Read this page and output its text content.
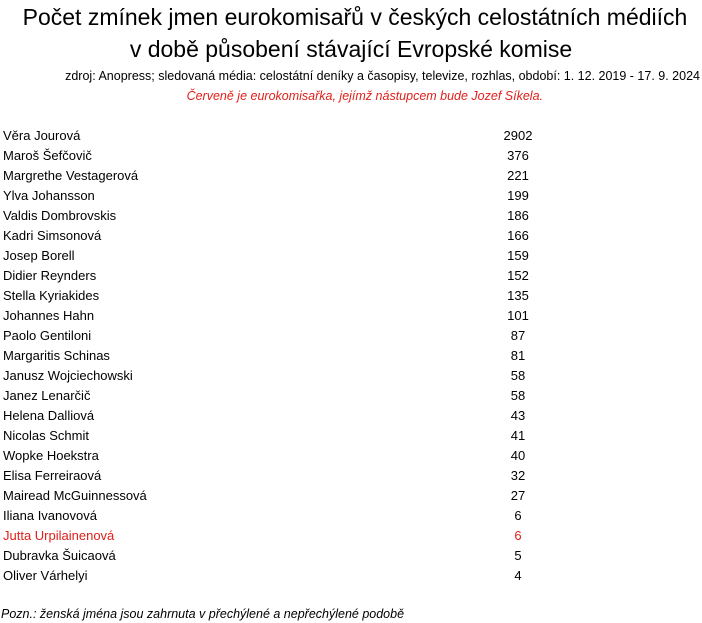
Počet zmínek jmen eurokomisařů v českých celostátních médiích
v době působení stávající Evropské komise
zdroj: Anopress; sledovaná média: celostátní deníky a časopisy, televize, rozhlas, období: 1. 12. 2019 - 17. 9. 2024
Červeně je eurokomisařka, jejímž nástupcem bude Jozef Síkela.
Věra Jourová	2902
Maroš Šefčovič	376
Margrethe Vestagerová	221
Ylva Johansson	199
Valdis Dombrovskis	186
Kadri Simsonová	166
Josep Borell	159
Didier Reynders	152
Stella Kyriakides	135
Johannes Hahn	101
Paolo Gentiloni	87
Margaritis Schinas	81
Janusz Wojciechowski	58
Janez Lenarčič	58
Helena Dalliová	43
Nicolas Schmit	41
Wopke Hoekstra	40
Elisa Ferreiraová	32
Mairead McGuinnessová	27
Iliana Ivanovová	6
Jutta Urpilainenová	6
Dubravka Šuicaová	5
Oliver Várhelyi	4
Pozn.: ženská jména jsou zahrnuta v přechýlené a nepřechýlené podobě
